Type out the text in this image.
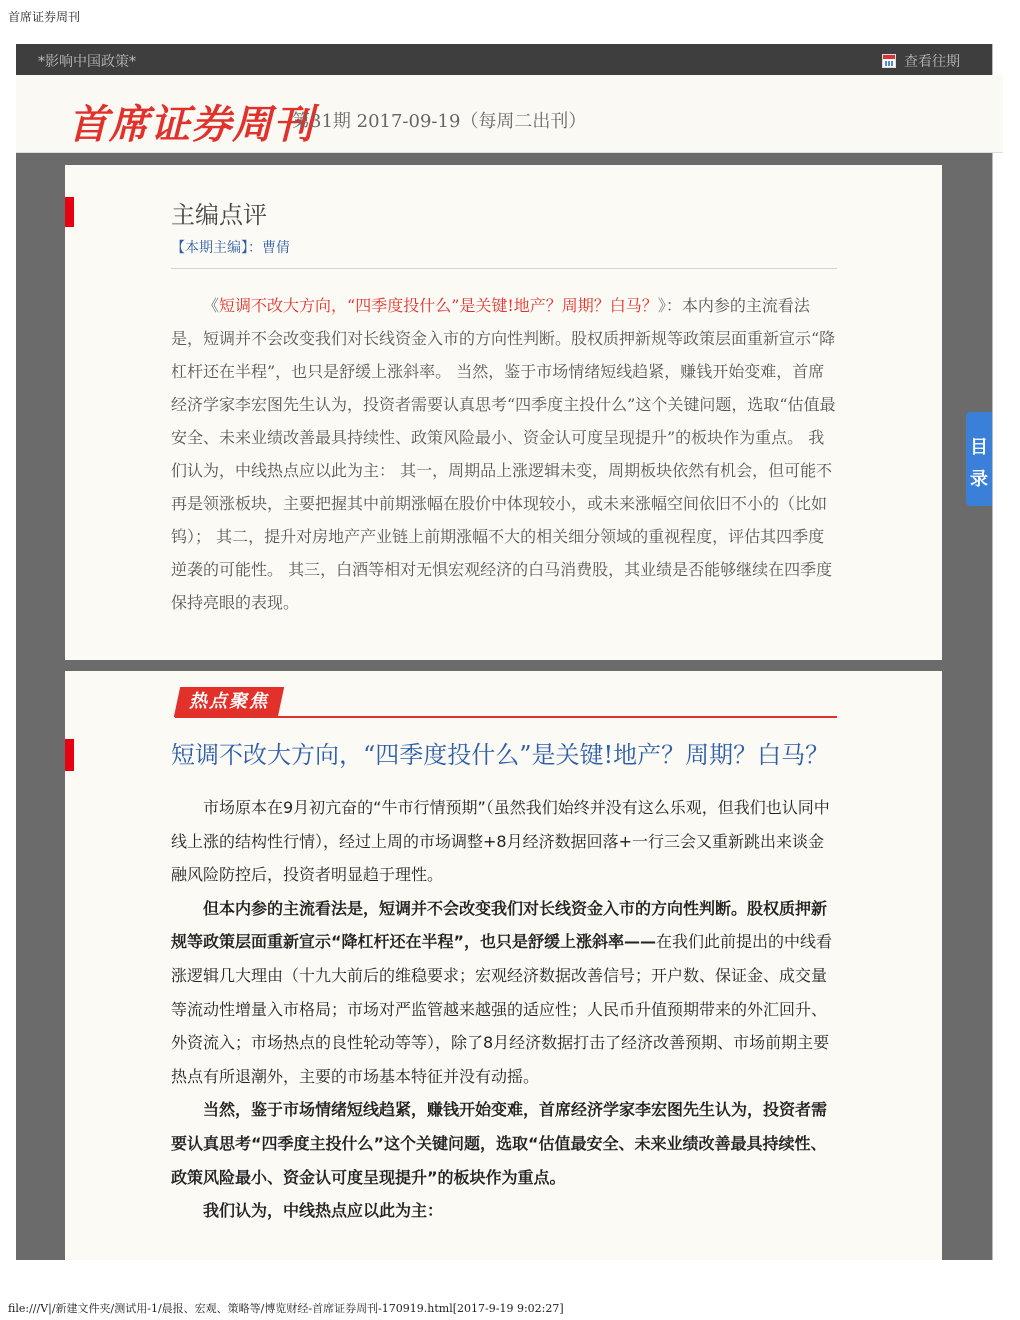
首席证券周刊
*影响中国政策*	查看往期
首席证券周刊
第31期 2017-09-19（每周二出刊）
主编点评
【本期主编】：曹倩
《短调不改大方向，“四季度投什么”是关键!地产？周期？白马？》：本内参的主流看法是，短调并不会改变我们对长线资金入市的方向性判断。股权质押新规等政策层面重新宣示“降杠杆还在半程”，也只是舒缓上涨斜率。 当然，鉴于市场情绪短线趋紧，赚钱开始变难，首席经济学家李宏图先生认为，投资者需要认真思考“四季度主投什么”这个关键问题，选取“估值最安全、未来业绩改善最具持续性、政策风险最小、资金认可度呈现提升”的板块作为重点。 我们认为，中线热点应以此为主： 其一，周期品上涨逻辑未变，周期板块依然有机会，但可能不再是领涨板块，主要把握其中前期涨幅在股价中体现较小，或未来涨幅空间依旧不小的（比如钨）； 其二，提升对房地产产业链上前期涨幅不大的相关细分领域的重视程度，评估其四季度逆袭的可能性。 其三，白酒等相对无惧宏观经济的白马消费股，其业绩是否能够继续在四季度保持亮眼的表现。
热点聚焦
短调不改大方向，“四季度投什么”是关键!地产？周期？白马？

市场原本在9月初亢奋的“牛市行情预期”（虽然我们始终并没有这么乐观，但我们也认同中线上涨的结构性行情），经过上周的市场调整+8月经济数据回落+一行三会又重新跳出来谈金融风险防控后，投资者明显趋于理性。

但本内参的主流看法是，短调并不会改变我们对长线资金入市的方向性判断。股权质押新规等政策层面重新宣示“降杠杆还在半程”，也只是舒缓上涨斜率——在我们此前提出的中线看涨逻辑几大理由（十九大前后的维稳要求；宏观经济数据改善信号；开户数、保证金、成交量等流动性增量入市格局；市场对严监管越来越强的适应性；人民币升值预期带来的外汇回升、外资流入；市场热点的良性轮动等等），除了8月经济数据打击了经济改善预期、市场前期主要热点有所退潮外，主要的市场基本特征并没有动摇。

当然，鉴于市场情绪短线趋紧，赚钱开始变难，首席经济学家李宏图先生认为，投资者需要认真思考“四季度主投什么”这个关键问题，选取“估值最安全、未来业绩改善最具持续性、政策风险最小、资金认可度呈现提升”的板块作为重点。

我们认为，中线热点应以此为主：

目
录
file:///V|/新建文件夹/测试用-1/晨报、宏观、策略等/博览财经-首席证券周刊-170919.html[2017-9-19 9:02:27]
